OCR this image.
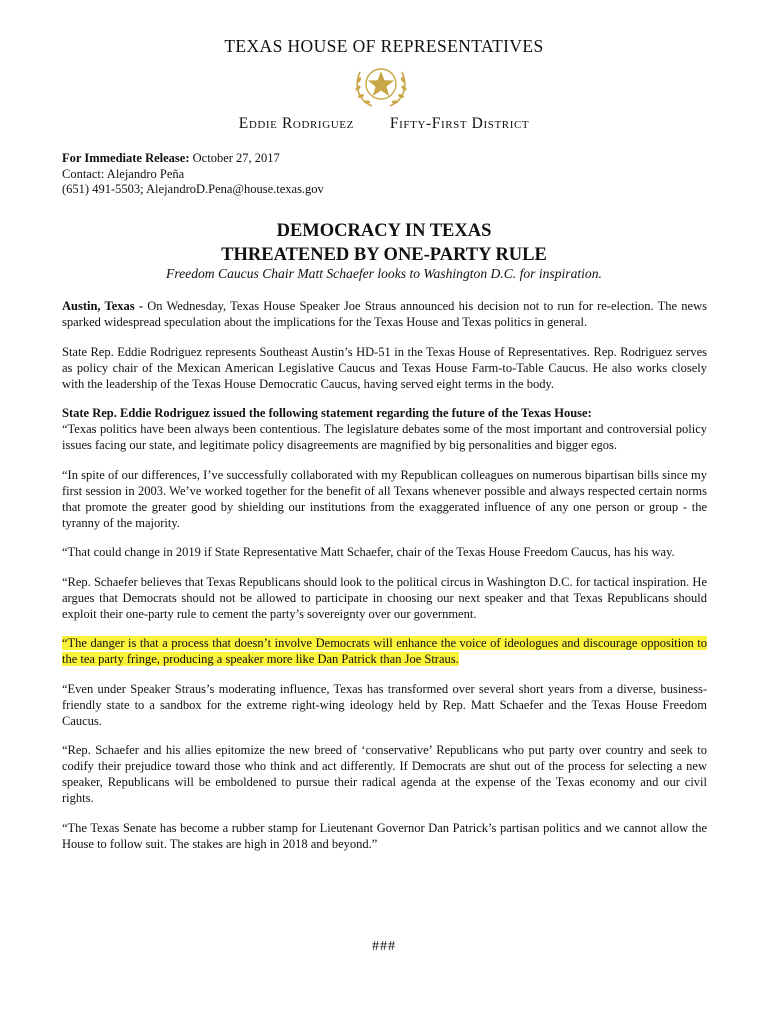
TEXAS HOUSE OF REPRESENTATIVES
Eddie Rodriguez Fifty-First District
For Immediate Release: October 27, 2017
Contact: Alejandro Peña
(651) 491-5503; AlejandroD.Pena@house.texas.gov
DEMOCRACY IN TEXAS
THREATENED BY ONE-PARTY RULE

Freedom Caucus Chair Matt Schaefer looks to Washington D.C. for inspiration.

Austin, Texas - On Wednesday, Texas House Speaker Joe Straus announced his decision not to run for re-election. The news sparked widespread speculation about the implications for the Texas House and Texas politics in general.

State Rep. Eddie Rodriguez represents Southeast Austin’s HD-51 in the Texas House of Representatives. Rep. Rodriguez serves as policy chair of the Mexican American Legislative Caucus and Texas House Farm-to-Table Caucus. He also works closely with the leadership of the Texas House Democratic Caucus, having served eight terms in the body.

State Rep. Eddie Rodriguez issued the following statement regarding the future of the Texas House:

“Texas politics have been always been contentious. The legislature debates some of the most important and controversial policy issues facing our state, and legitimate policy disagreements are magnified by big personalities and bigger egos.

“In spite of our differences, I’ve successfully collaborated with my Republican colleagues on numerous bipartisan bills since my first session in 2003. We’ve worked together for the benefit of all Texans whenever possible and always respected certain norms that promote the greater good by shielding our institutions from the exaggerated influence of any one person or group - the tyranny of the majority.

“That could change in 2019 if State Representative Matt Schaefer, chair of the Texas House Freedom Caucus, has his way.

“Rep. Schaefer believes that Texas Republicans should look to the political circus in Washington D.C. for tactical inspiration. He argues that Democrats should not be allowed to participate in choosing our next speaker and that Texas Republicans should exploit their one-party rule to cement the party’s sovereignty over our government.

“The danger is that a process that doesn’t involve Democrats will enhance the voice of ideologues and discourage opposition to the tea party fringe, producing a speaker more like Dan Patrick than Joe Straus.

“Even under Speaker Straus’s moderating influence, Texas has transformed over several short years from a diverse, business-friendly state to a sandbox for the extreme right-wing ideology held by Rep. Matt Schaefer and the Texas House Freedom Caucus.

“Rep. Schaefer and his allies epitomize the new breed of ‘conservative’ Republicans who put party over country and seek to codify their prejudice toward those who think and act differently. If Democrats are shut out of the process for selecting a new speaker, Republicans will be emboldened to pursue their radical agenda at the expense of the Texas economy and our civil rights.

“The Texas Senate has become a rubber stamp for Lieutenant Governor Dan Patrick’s partisan politics and we cannot allow the House to follow suit. The stakes are high in 2018 and beyond.”

###
